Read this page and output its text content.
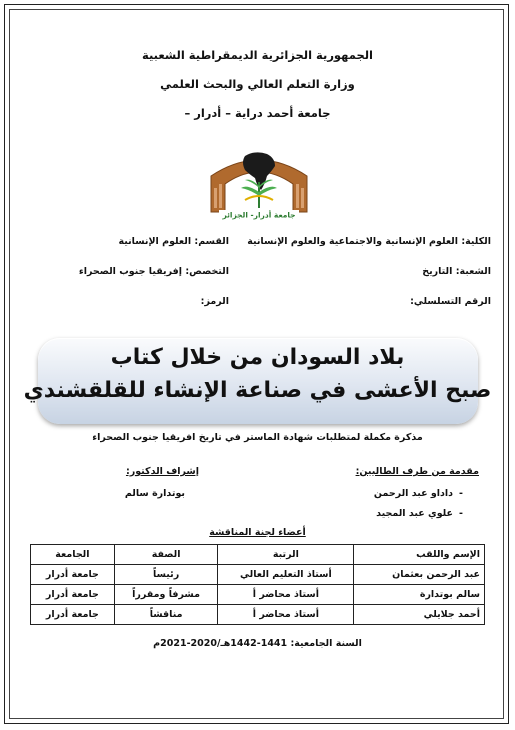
الجمهورية الجزائرية الديمقراطية الشعبية
وزارة التعلم العالي والبحث العلمي
جامعة أحمد دراية – أدرار –
جامعة أدرار- الجزائر
الكلية: العلوم الإنسانية والاجتماعية والعلوم الإنسانية
القسم: العلوم الإنسانية
الشعبة: التاريخ
التخصص: إفريقيا جنوب الصحراء
الرقم التسلسلي:
الرمز:
بلاد السودان من خلال كتاب
صبح الأعشى في صناعة الإنشاء للقلقشندي
مذكرة مكملة لمتطلبات شهادة الماستر في تاريخ افريقيا جنوب الصحراء
مقدمة من طرف الطالبين:
-داداو عبد الرحمن
-علوي عبد المجيد
إشراف الدكتور:
بوتدارة سالم
أعضاء لجنة المناقشة
الإسم واللقب	الرتبة	الصفة	الجامعة
عبد الرحمن بعثمان	أستاذ التعليم العالي	رئيساً	جامعة أدرار
سالم بوتدارة	أستاذ محاضر أ	مشرفاً ومقرراً	جامعة أدرار
أحمد جلايلي	أستاذ محاضر أ	مناقشاً	جامعة أدرار
السنة الجامعية: 1441-1442هـ/2020-2021م
